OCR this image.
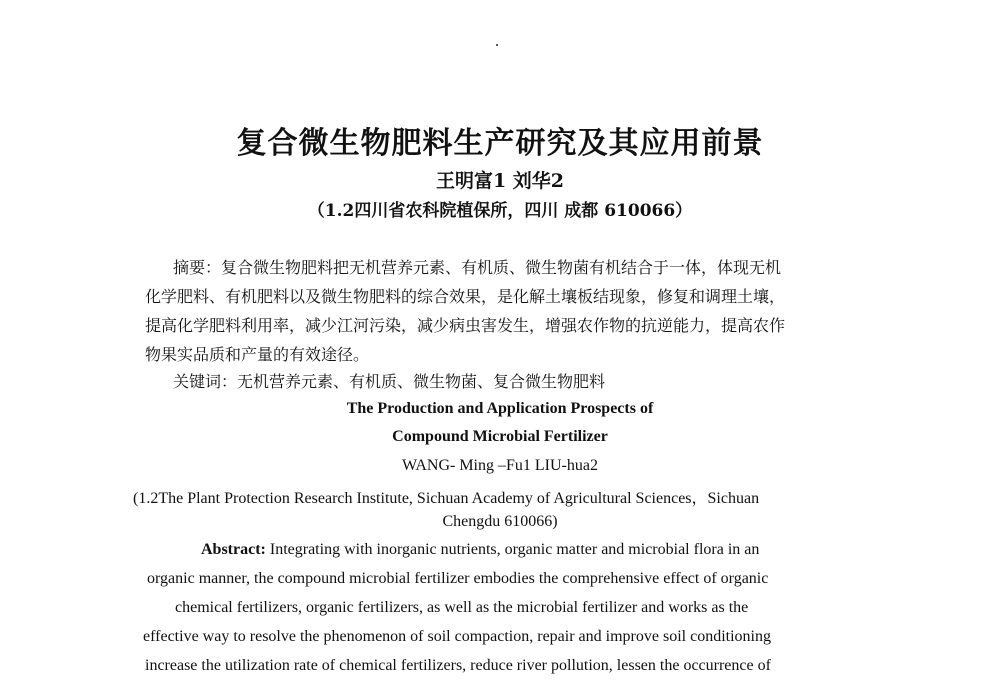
复合微生物肥料生产研究及其应用前景
王明富1 刘华2
（1.2四川省农科院植保所，四川 成都 610066）
摘要：复合微生物肥料把无机营养元素、有机质、微生物菌有机结合于一体，体现无机
化学肥料、有机肥料以及微生物肥料的综合效果，是化解土壤板结现象，修复和调理土壤，
提高化学肥料利用率，减少江河污染，减少病虫害发生，增强农作物的抗逆能力，提高农作
物果实品质和产量的有效途径。
关键词：无机营养元素、有机质、微生物菌、复合微生物肥料
The Production and Application Prospects of
Compound Microbial Fertilizer
WANG- Ming –Fu1 LIU-hua2
(1.2The Plant Protection Research Institute, Sichuan Academy of Agricultural Sciences，Sichuan
Chengdu 610066)
Abstract: Integrating with inorganic nutrients, organic matter and microbial flora in an
organic manner, the compound microbial fertilizer embodies the comprehensive effect of organic
chemical fertilizers, organic fertilizers, as well as the microbial fertilizer and works as the
effective way to resolve the phenomenon of soil compaction, repair and improve soil conditioning
increase the utilization rate of chemical fertilizers, reduce river pollution, lessen the occurrence of
